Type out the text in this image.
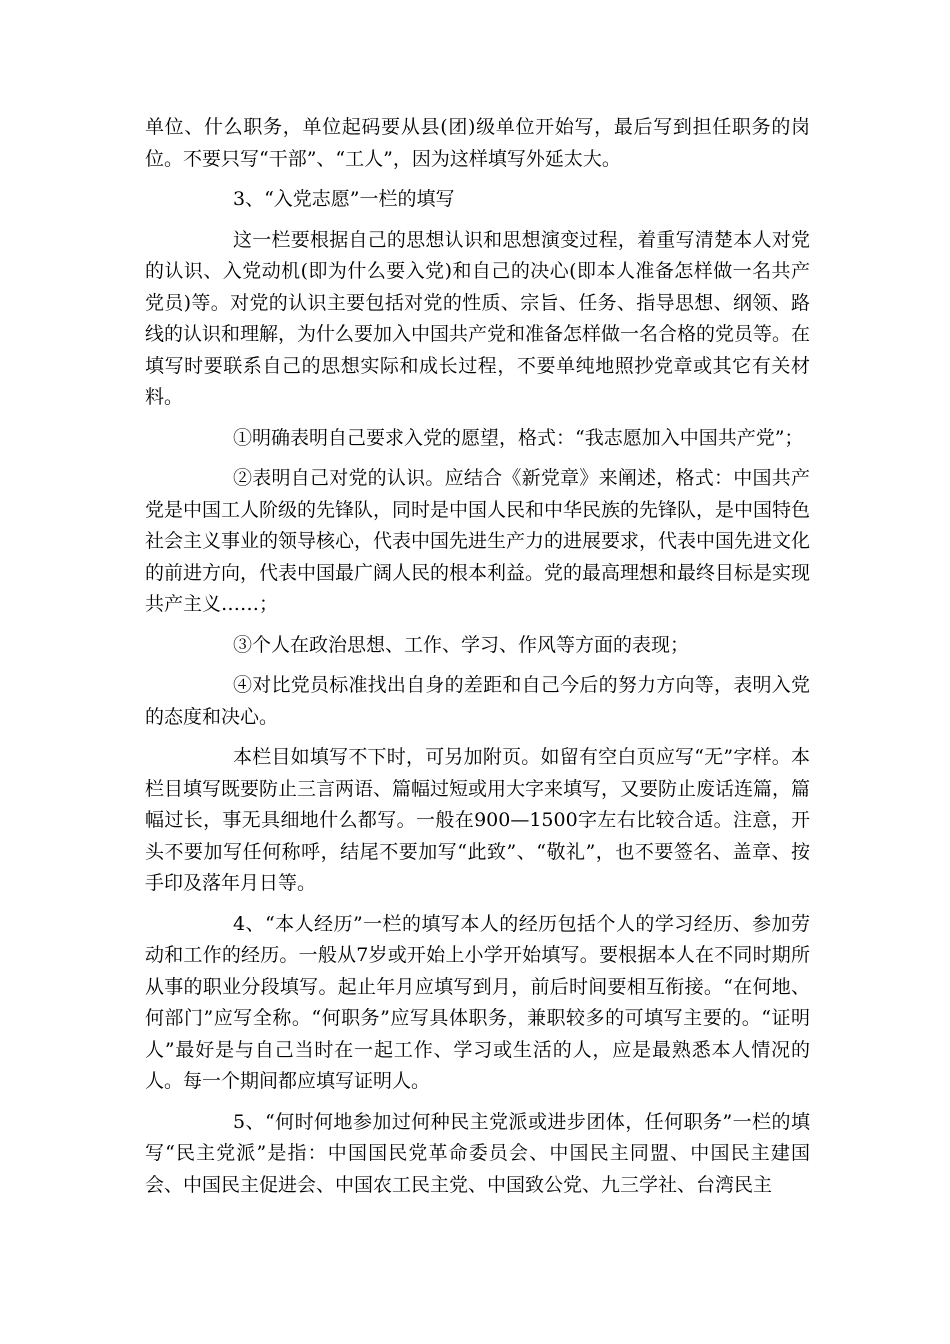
单位、什么职务，单位起码要从县(团)级单位开始写，最后写到担任职务的岗位。不要只写“干部”、“工人”，因为这样填写外延太大。

3、“入党志愿”一栏的填写

这一栏要根据自己的思想认识和思想演变过程，着重写清楚本人对党的认识、入党动机(即为什么要入党)和自己的决心(即本人准备怎样做一名共产党员)等。对党的认识主要包括对党的性质、宗旨、任务、指导思想、纲领、路线的认识和理解，为什么要加入中国共产党和准备怎样做一名合格的党员等。在填写时要联系自己的思想实际和成长过程，不要单纯地照抄党章或其它有关材料。

①明确表明自己要求入党的愿望，格式：“我志愿加入中国共产党”；

②表明自己对党的认识。应结合《新党章》来阐述，格式：中国共产党是中国工人阶级的先锋队，同时是中国人民和中华民族的先锋队，是中国特色社会主义事业的领导核心，代表中国先进生产力的进展要求，代表中国先进文化的前进方向，代表中国最广阔人民的根本利益。党的最高理想和最终目标是实现共产主义……；

③个人在政治思想、工作、学习、作风等方面的表现；

④对比党员标准找出自身的差距和自己今后的努力方向等，表明入党的态度和决心。

本栏目如填写不下时，可另加附页。如留有空白页应写“无”字样。本栏目填写既要防止三言两语、篇幅过短或用大字来填写，又要防止废话连篇，篇幅过长，事无具细地什么都写。一般在900—1500字左右比较合适。注意，开头不要加写任何称呼，结尾不要加写“此致”、“敬礼”，也不要签名、盖章、按手印及落年月日等。

4、“本人经历”一栏的填写本人的经历包括个人的学习经历、参加劳动和工作的经历。一般从7岁或开始上小学开始填写。要根据本人在不同时期所从事的职业分段填写。起止年月应填写到月，前后时间要相互衔接。“在何地、何部门”应写全称。“何职务”应写具体职务，兼职较多的可填写主要的。“证明人”最好是与自己当时在一起工作、学习或生活的人，应是最熟悉本人情况的人。每一个期间都应填写证明人。

5、“何时何地参加过何种民主党派或进步团体，任何职务”一栏的填写“民主党派”是指：中国国民党革命委员会、中国民主同盟、中国民主建国会、中国民主促进会、中国农工民主党、中国致公党、九三学社、台湾民主
